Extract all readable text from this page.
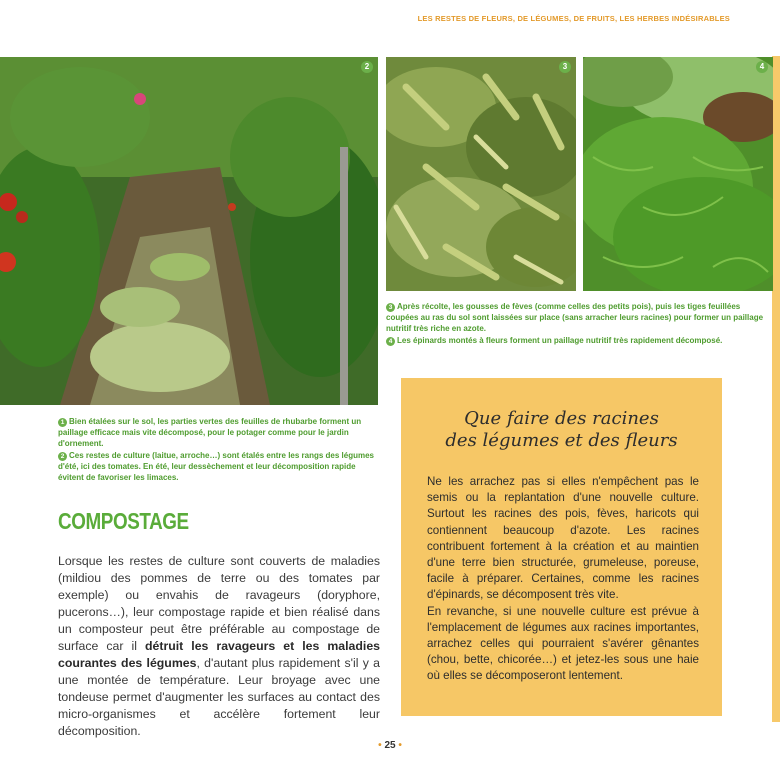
LES RESTES DE FLEURS, DE LÉGUMES, DE FRUITS, LES HERBES INDÉSIRABLES
2	3	4

3 Après récolte, les gousses de fèves (comme celles des petits pois), puis les tiges feuillées coupées au ras du sol sont laissées sur place (sans arracher leurs racines) pour former un paillage nutritif très riche en azote.

4 Les épinards montés à fleurs forment un paillage nutritif très rapidement décomposé.

1 Bien étalées sur le sol, les parties vertes des feuilles de rhubarbe forment un paillage efficace mais vite décomposé, pour le potager comme pour le jardin d'ornement.

2 Ces restes de culture (laitue, arroche…) sont étalés entre les rangs des légumes d'été, ici des tomates. En été, leur dessèchement et leur décomposition rapide évitent de favoriser les limaces.

COMPOSTAGE
Lorsque les restes de culture sont couverts de maladies (mildiou des pommes de terre ou des tomates par exemple) ou envahis de ravageurs (doryphore, pucerons…), leur compostage rapide et bien réalisé dans un composteur peut être préférable au compostage de surface car il détruit les ravageurs et les maladies courantes des légumes, d'autant plus rapidement s'il y a une montée de température. Leur broyage avec une tondeuse permet d'augmenter les surfaces au contact des micro-organismes et accélère fortement leur décomposition.
Que faire des racines
des légumes et des fleurs

Ne les arrachez pas si elles n'empêchent pas le semis ou la replantation d'une nouvelle culture. Surtout les racines des pois, fèves, haricots qui contiennent beaucoup d'azote. Les racines contribuent fortement à la création et au maintien d'une terre bien structurée, grumeleuse, poreuse, facile à préparer. Certaines, comme les racines d'épinards, se décomposent très vite.

En revanche, si une nouvelle culture est prévue à l'emplacement de légumes aux racines importantes, arrachez celles qui pourraient s'avérer gênantes (chou, bette, chicorée…) et jetez-les sous une haie où elles se décomposeront lentement.

• 25 •
